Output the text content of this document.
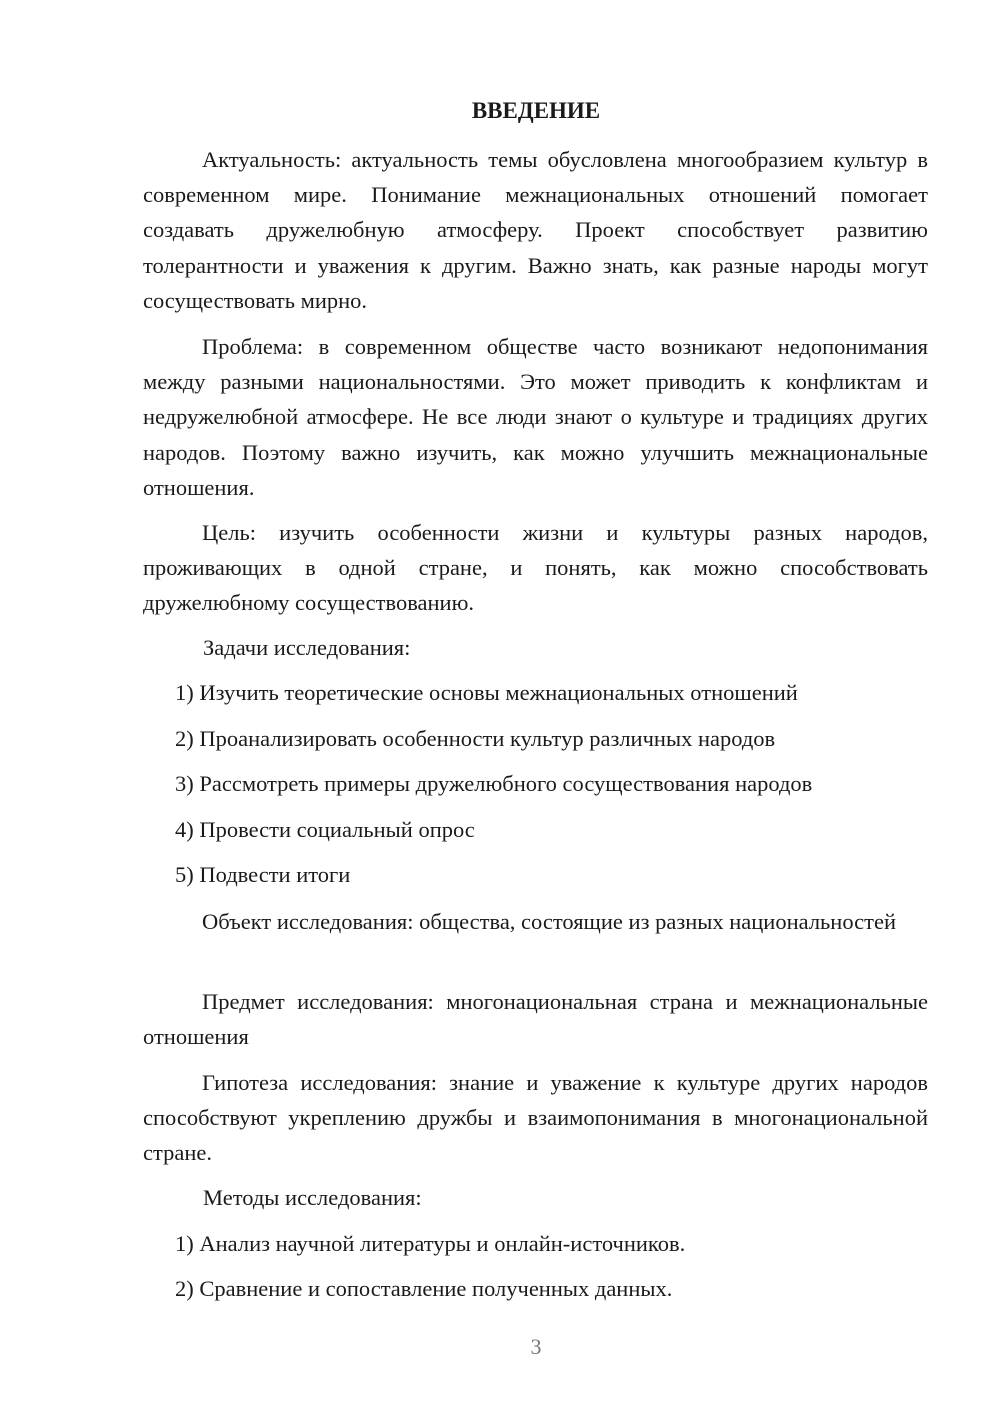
ВВЕДЕНИЕ

Актуальность: актуальность темы обусловлена многообразием культур в современном мире. Понимание межнациональных отношений помогает создавать дружелюбную атмосферу. Проект способствует развитию толерантности и уважения к другим. Важно знать, как разные народы могут сосуществовать мирно.

Проблема: в современном обществе часто возникают недопонимания между разными национальностями. Это может приводить к конфликтам и недружелюбной атмосфере. Не все люди знают о культуре и традициях других народов. Поэтому важно изучить, как можно улучшить межнациональные отношения.

Цель: изучить особенности жизни и культуры разных народов, проживающих в одной стране, и понять, как можно способствовать дружелюбному сосуществованию.

Задачи исследования:

1) Изучить теоретические основы межнациональных отношений

2) Проанализировать особенности культур различных народов

3) Рассмотреть примеры дружелюбного сосуществования народов

4) Провести социальный опрос

5) Подвести итоги

Объект исследования: общества, состоящие из разных национальностей

Предмет исследования: многонациональная страна и межнациональные отношения

Гипотеза исследования: знание и уважение к культуре других народов способствуют укреплению дружбы и взаимопонимания в многонациональной стране.

Методы исследования:

1) Анализ научной литературы и онлайн-источников.

2) Сравнение и сопоставление полученных данных.

3
